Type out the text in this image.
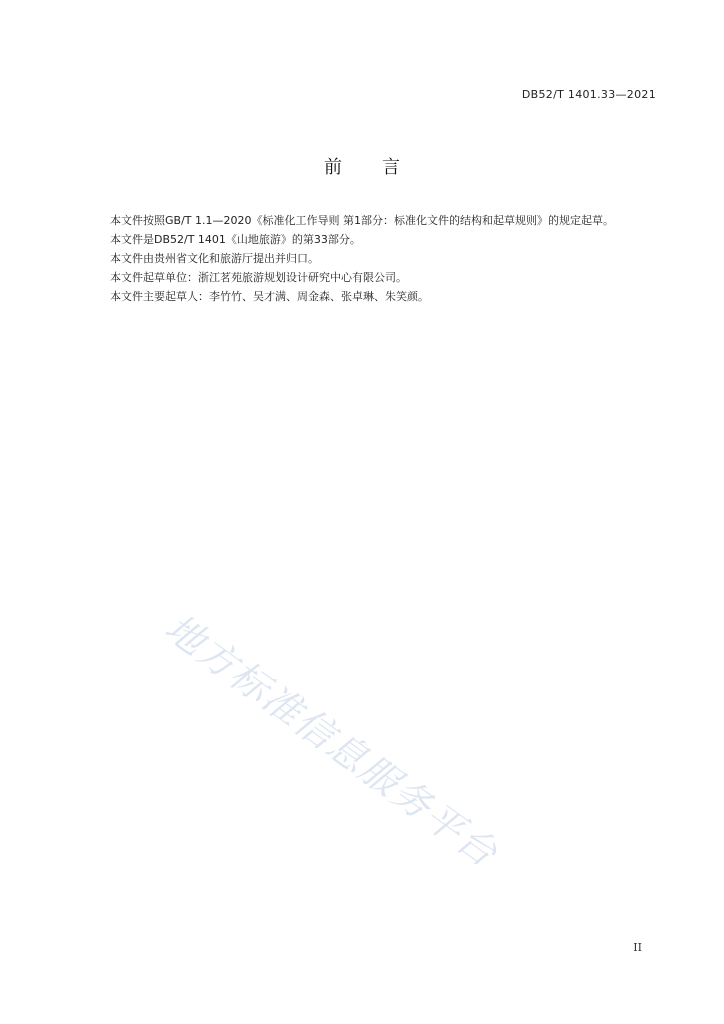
DB52/T 1401.33—2021
前 言

本文件按照GB/T 1.1—2020《标准化工作导则 第1部分：标准化文件的结构和起草规则》的规定起草。

本文件是DB52/T 1401《山地旅游》的第33部分。

本文件由贵州省文化和旅游厅提出并归口。

本文件起草单位：浙江茗苑旅游规划设计研究中心有限公司。

本文件主要起草人：李竹竹、吴才满、周金森、张卓琳、朱笑颜。

地方标准信息服务平台
II
